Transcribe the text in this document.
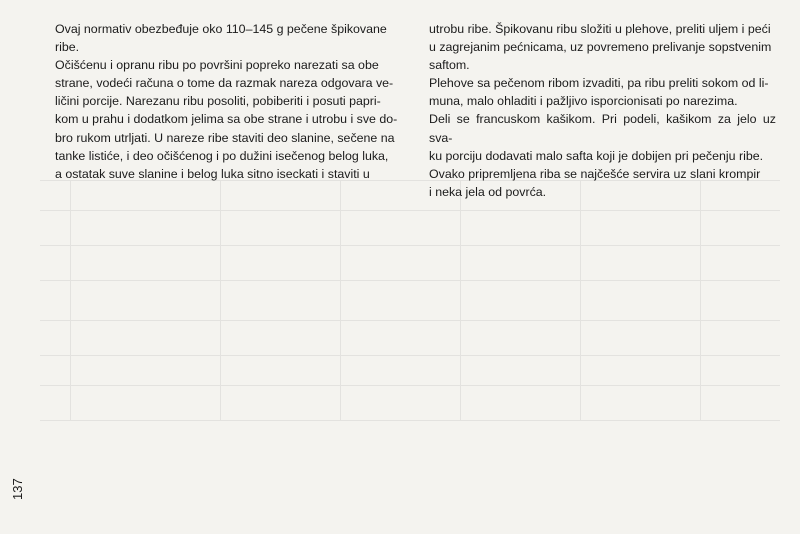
Ovaj normativ obezbeđuje oko 110–145 g pečene špikovane

ribe.

Očišćenu i opranu ribu po površini popreko narezati sa obe

strane, vodeći računa o tome da razmak nareza odgovara ve-

ličini porcije. Narezanu ribu posoliti, pobiberiti i posuti papri-

kom u prahu i dodatkom jelima sa obe strane i utrobu i sve do-

bro rukom utrljati. U nareze ribe staviti deo slanine, sečene na

tanke listiće, i deo očišćenog i po dužini isečenog belog luka,

a ostatak suve slanine i belog luka sitno iseckati i staviti u

utrobu ribe. Špikovanu ribu složiti u plehove, preliti uljem i peći

u zagrejanim pećnicama, uz povremeno prelivanje sopstvenim

saftom.

Plehove sa pečenom ribom izvaditi, pa ribu preliti sokom od li-

muna, malo ohladiti i pažljivo isporcionisati po narezima.

Deli se francuskom kašikom. Pri podeli, kašikom za jelo uz sva-

ku porciju dodavati malo safta koji je dobijen pri pečenju ribe.

Ovako pripremljena riba se najčešće servira uz slani krompir

i neka jela od povrća.

137
